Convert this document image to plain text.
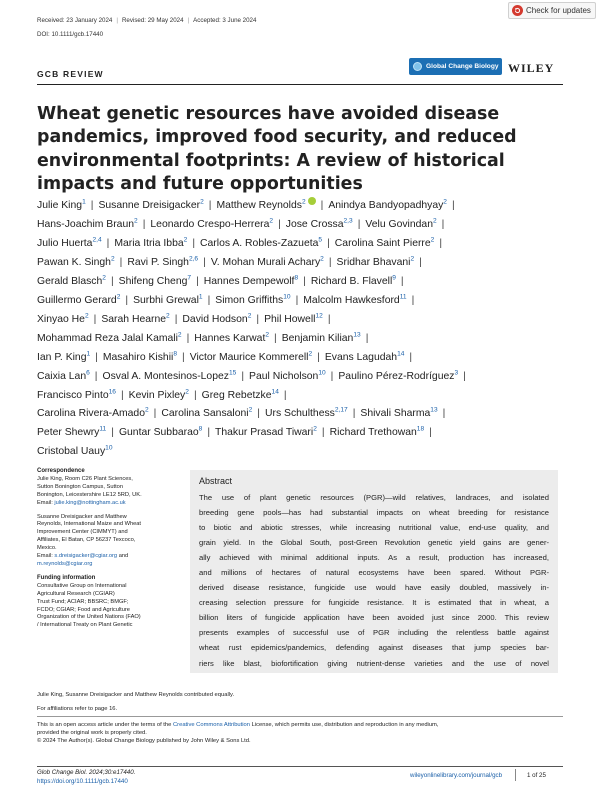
Check for updates
Received: 23 January 2024 | Revised: 29 May 2024 | Accepted: 3 June 2024
DOI: 10.1111/gcb.17440
GCB REVIEW
Global Change Biology WILEY
Wheat genetic resources have avoided disease pandemics, improved food security, and reduced environmental footprints: A review of historical impacts and future opportunities
Julie King$^1$ | Susanne Dreisigacker$^2$ | Matthew Reynolds$^2$ | Anindya Bandyopadhyay$^2$ |
Hans-Joachim Braun$^2$ | Leonardo Crespo-Herrera$^2$ | Jose Crossa$^{2,3}$ | Velu Govindan$^2$ |
Julio Huerta$^{2,4}$ | Maria Itria Ibba$^2$ | Carlos A. Robles-Zazueta$^5$ | Carolina Saint Pierre$^2$ |
Pawan K. Singh$^2$ | Ravi P. Singh$^{2,6}$ | V. Mohan Murali Achary$^2$ | Sridhar Bhavani$^2$ |
Gerald Blasch$^2$ | Shifeng Cheng$^7$ | Hannes Dempewolf$^8$ | Richard B. Flavell$^9$ |
Guillermo Gerard$^2$ | Surbhi Grewal$^1$ | Simon Griffiths$^{10}$ | Malcolm Hawkesford$^{11}$ |
Xinyao He$^2$ | Sarah Hearne$^2$ | David Hodson$^2$ | Phil Howell$^{12}$ |
Mohammad Reza Jalal Kamali$^2$ | Hannes Karwat$^2$ | Benjamin Kilian$^{13}$ |
Ian P. King$^1$ | Masahiro Kishii$^8$ | Victor Maurice Kommerell$^2$ | Evans Lagudah$^{14}$ |
Caixia Lan$^6$ | Osval A. Montesinos-Lopez$^{15}$ | Paul Nicholson$^{10}$ | Paulino Pérez-Rodríguez$^3$ |
Francisco Pinto$^{16}$ | Kevin Pixley$^2$ | Greg Rebetzke$^{14}$ |
Carolina Rivera-Amado$^2$ | Carolina Sansaloni$^2$ | Urs Schulthess$^{2,17}$ | Shivali Sharma$^{13}$ |
Peter Shewry$^{11}$ | Guntar Subbarao$^8$ | Thakur Prasad Tiwari$^2$ | Richard Trethowan$^{18}$ |
Cristobal Uauy$^{10}$
Correspondence
Julie King, Room C26 Plant Sciences,
Sutton Bonington Campus, Sutton
Bonington, Leicestershire LE12 5RD, UK.
Email: julie.king@nottingham.ac.uk
Susanne Dreisigacker and Matthew
Reynolds, International Maize and Wheat
Improvement Center (CIMMYT) and
Affiliates, El Batan, CP 56237 Texcoco,
Mexico.
Email: s.dreisigacker@cgiar.org and
m.reynolds@cgiar.org
Funding information
Consultative Group on International
Agricultural Research (CGIAR)
Trust Fund; ACIAR; BBSRC; BMGF;
FCDO; CGIAR; Food and Agriculture
Organization of the United Nations (FAO)
/ International Treaty on Plant Genetic
Abstract
The use of plant genetic resources (PGR)—wild relatives, landraces, and isolated
breeding gene pools—has had substantial impacts on wheat breeding for resistance
to biotic and abiotic stresses, while increasing nutritional value, end-use quality, and
grain yield. In the Global South, post-Green Revolution genetic yield gains are gener-
ally achieved with minimal additional inputs. As a result, production has increased,
and millions of hectares of natural ecosystems have been spared. Without PGR-
derived disease resistance, fungicide use would have easily doubled, massively in-
creasing selection pressure for fungicide resistance. It is estimated that in wheat, a
billion liters of fungicide application have been avoided just since 2000. This review
presents examples of successful use of PGR including the relentless battle against
wheat rust epidemics/pandemics, defending against diseases that jump species bar-
riers like blast, biofortification giving nutrient-dense varieties and the use of novel
Julie King, Susanne Dreisigacker and Matthew Reynolds contributed equally.
For affiliations refer to page 16.
This is an open access article under the terms of the Creative Commons Attribution License, which permits use, distribution and reproduction in any medium,
provided the original work is properly cited.
© 2024 The Author(s). Global Change Biology published by John Wiley & Sons Ltd.
Glob Change Biol. 2024;30:e17440.
https://doi.org/10.1111/gcb.17440
wileyonlinelibrary.com/journal/gcb	1 of 25
